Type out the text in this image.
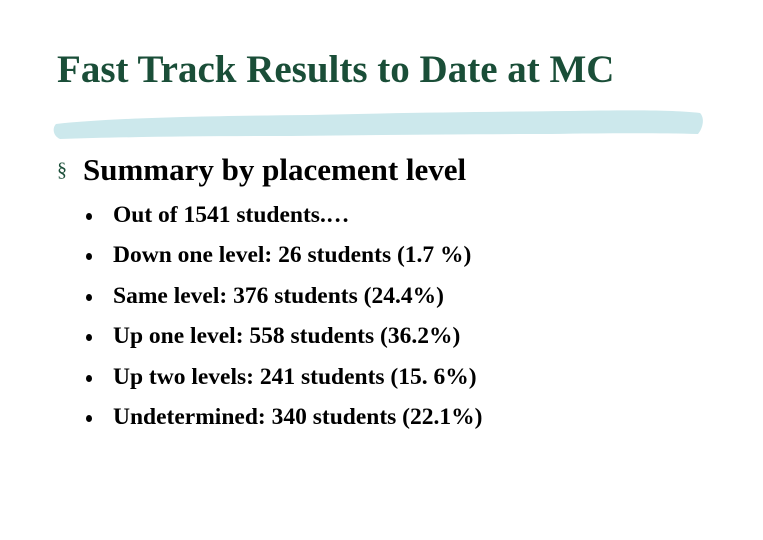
Fast Track Results to Date at MC
§ Summary by placement level
Out of 1541 students.…
Down one level: 26 students (1.7 %)
Same level: 376 students (24.4%)
Up one level: 558 students (36.2%)
Up two levels: 241 students (15. 6%)
Undetermined: 340 students (22.1%)
